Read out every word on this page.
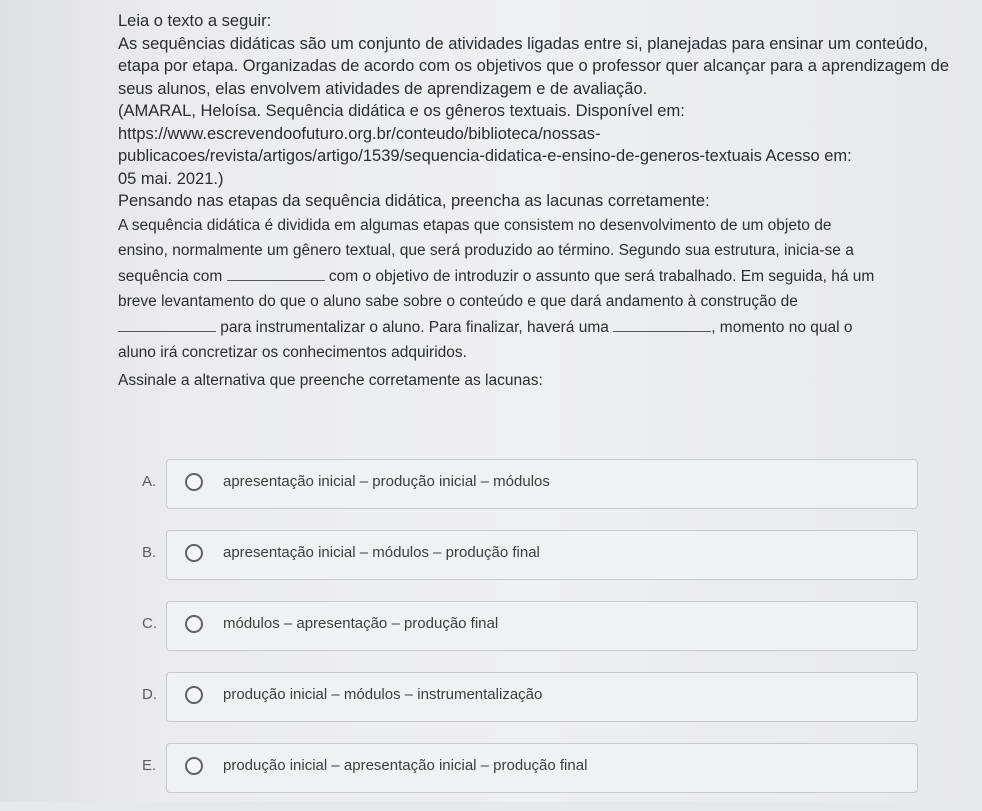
Leia o texto a seguir:

As sequências didáticas são um conjunto de atividades ligadas entre si, planejadas para ensinar um conteúdo, etapa por etapa. Organizadas de acordo com os objetivos que o professor quer alcançar para a aprendizagem de seus alunos, elas envolvem atividades de aprendizagem e de avaliação.

(AMARAL, Heloísa. Sequência didática e os gêneros textuais. Disponível em:
https://www.escrevendoofuturo.org.br/conteudo/biblioteca/nossas-
publicacoes/revista/artigos/artigo/1539/sequencia-didatica-e-ensino-de-generos-textuais Acesso em:
05 mai. 2021.)

Pensando nas etapas da sequência didática, preencha as lacunas corretamente:

A sequência didática é dividida em algumas etapas que consistem no desenvolvimento de um objeto de
ensino, normalmente um gênero textual, que será produzido ao término. Segundo sua estrutura, inicia-se a
sequência com	com o objetivo de introduzir o assunto que será trabalhado. Em seguida, há um
breve levantamento do que o aluno sabe sobre o conteúdo e que dará andamento à construção de
para instrumentalizar o aluno. Para finalizar, haverá uma	, momento no qual o
aluno irá concretizar os conhecimentos adquiridos.

Assinale a alternativa que preenche corretamente as lacunas:

A.	apresentação inicial – produção inicial – módulos
B.	apresentação inicial – módulos – produção final
C.	módulos – apresentação – produção final
D.	produção inicial – módulos – instrumentalização
E.	produção inicial – apresentação inicial – produção final
